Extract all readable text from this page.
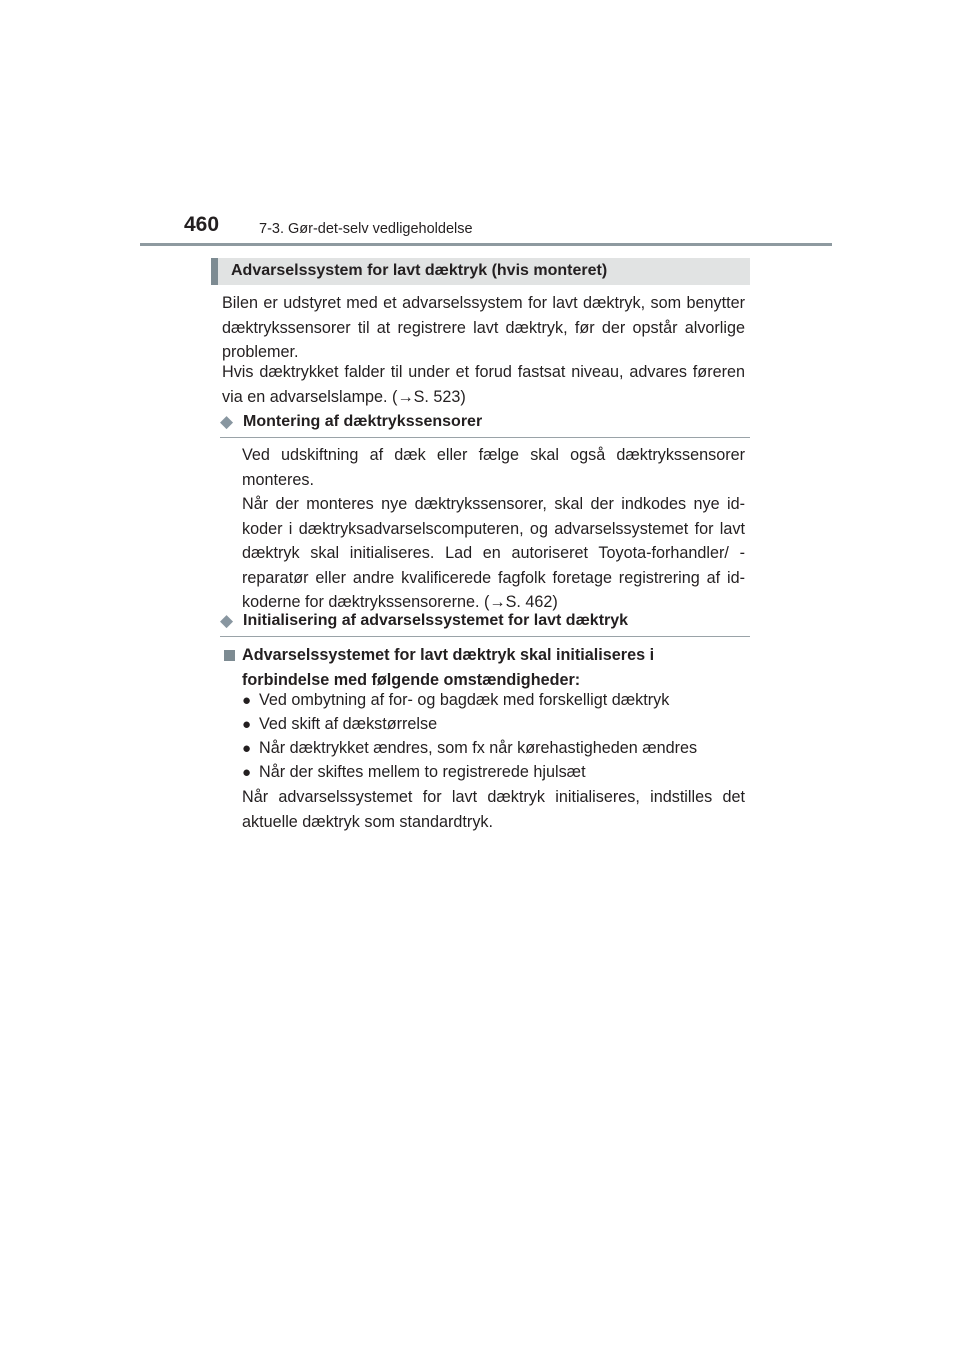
460	7-3. Gør-det-selv vedligeholdelse
Advarselssystem for lavt dæktryk (hvis monteret)

Bilen er udstyret med et advarselssystem for lavt dæktryk, som benytter dæktrykssensorer til at registrere lavt dæktryk, før der opstår alvorlige problemer.

Hvis dæktrykket falder til under et forud fastsat niveau, advares føreren via en advarselslampe. (→S. 523)

◆ Montering af dæktrykssensorer

Ved udskiftning af dæk eller fælge skal også dæktrykssensorer monteres.

Når der monteres nye dæktrykssensorer, skal der indkodes nye id-koder i dæktryksadvarselscomputeren, og advarselssystemet for lavt dæktryk skal initialiseres. Lad en autoriseret Toyota-forhandler/ -reparatør eller andre kvalificerede fagfolk foretage registrering af id-koderne for dæktrykssensorerne. (→S. 462)

◆ Initialisering af advarselssystemet for lavt dæktryk

Advarselssystemet for lavt dæktryk skal initialiseres i forbindelse med følgende omstændigheder:

● Ved ombytning af for- og bagdæk med forskelligt dæktryk
● Ved skift af dækstørrelse
● Når dæktrykket ændres, som fx når kørehastigheden ændres
● Når der skiftes mellem to registrerede hjulsæt

Når advarselssystemet for lavt dæktryk initialiseres, indstilles det aktuelle dæktryk som standardtryk.
